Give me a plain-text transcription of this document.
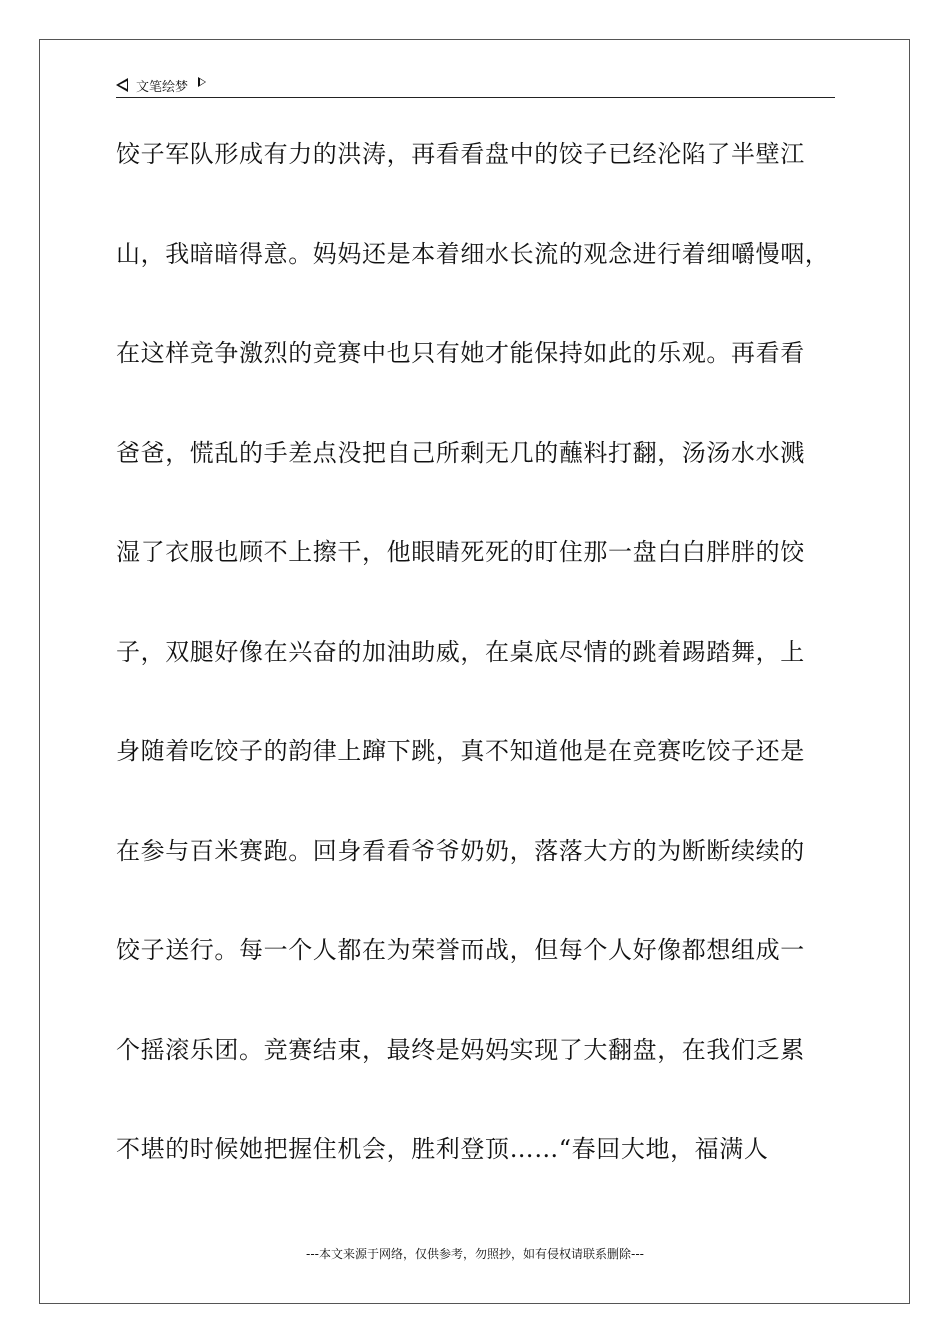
文笔绘梦
饺子军队形成有力的洪涛，再看看盘中的饺子已经沦陷了半壁江
山，我暗暗得意。妈妈还是本着细水长流的观念进行着细嚼慢咽，
在这样竞争激烈的竞赛中也只有她才能保持如此的乐观。再看看
爸爸，慌乱的手差点没把自己所剩无几的蘸料打翻，汤汤水水溅
湿了衣服也顾不上擦干，他眼睛死死的盯住那一盘白白胖胖的饺
子，双腿好像在兴奋的加油助威，在桌底尽情的跳着踢踏舞，上
身随着吃饺子的韵律上蹿下跳，真不知道他是在竞赛吃饺子还是
在参与百米赛跑。回身看看爷爷奶奶，落落大方的为断断续续的
饺子送行。每一个人都在为荣誉而战，但每个人好像都想组成一
个摇滚乐团。竞赛结束，最终是妈妈实现了大翻盘，在我们乏累
不堪的时候她把握住机会，胜利登顶……“春回大地，福满人
---本文来源于网络，仅供参考，勿照抄，如有侵权请联系删除---
